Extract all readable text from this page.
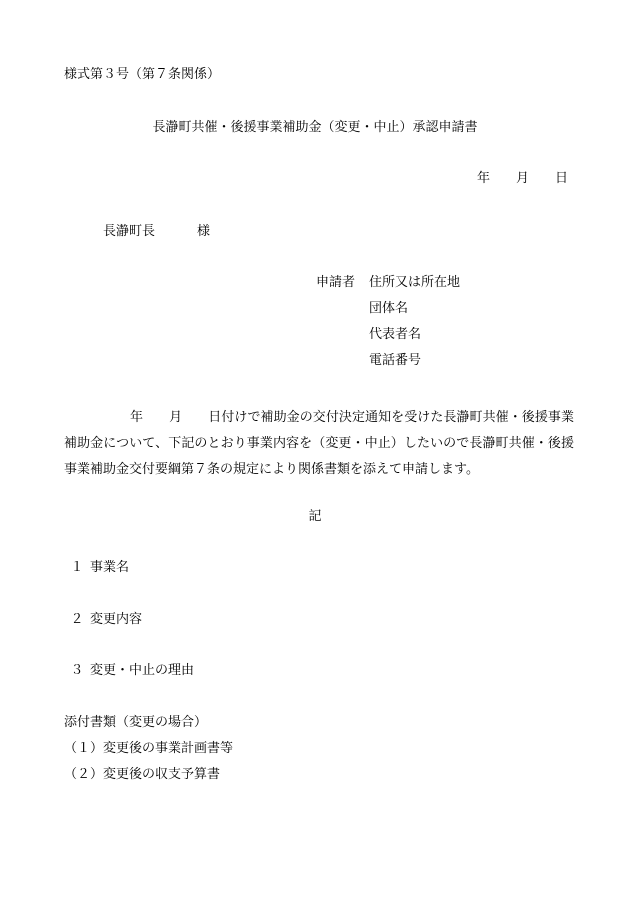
様式第３号（第７条関係）
長瀞町共催・後援事業補助金（変更・中止）承認申請書
年 月 日
長瀞町長	様
申請者 住所又は所在地
団体名
代表者名
電話番号
年 月 日付けで補助金の交付決定通知を受けた長瀞町共催・後援事業補助金について、下記のとおり事業内容を（変更・中止）したいので長瀞町共催・後援事業補助金交付要綱第７条の規定により関係書類を添えて申請します。
記
１ 事業名
２ 変更内容
３ 変更・中止の理由
添付書類（変更の場合）
（１）変更後の事業計画書等
（２）変更後の収支予算書
